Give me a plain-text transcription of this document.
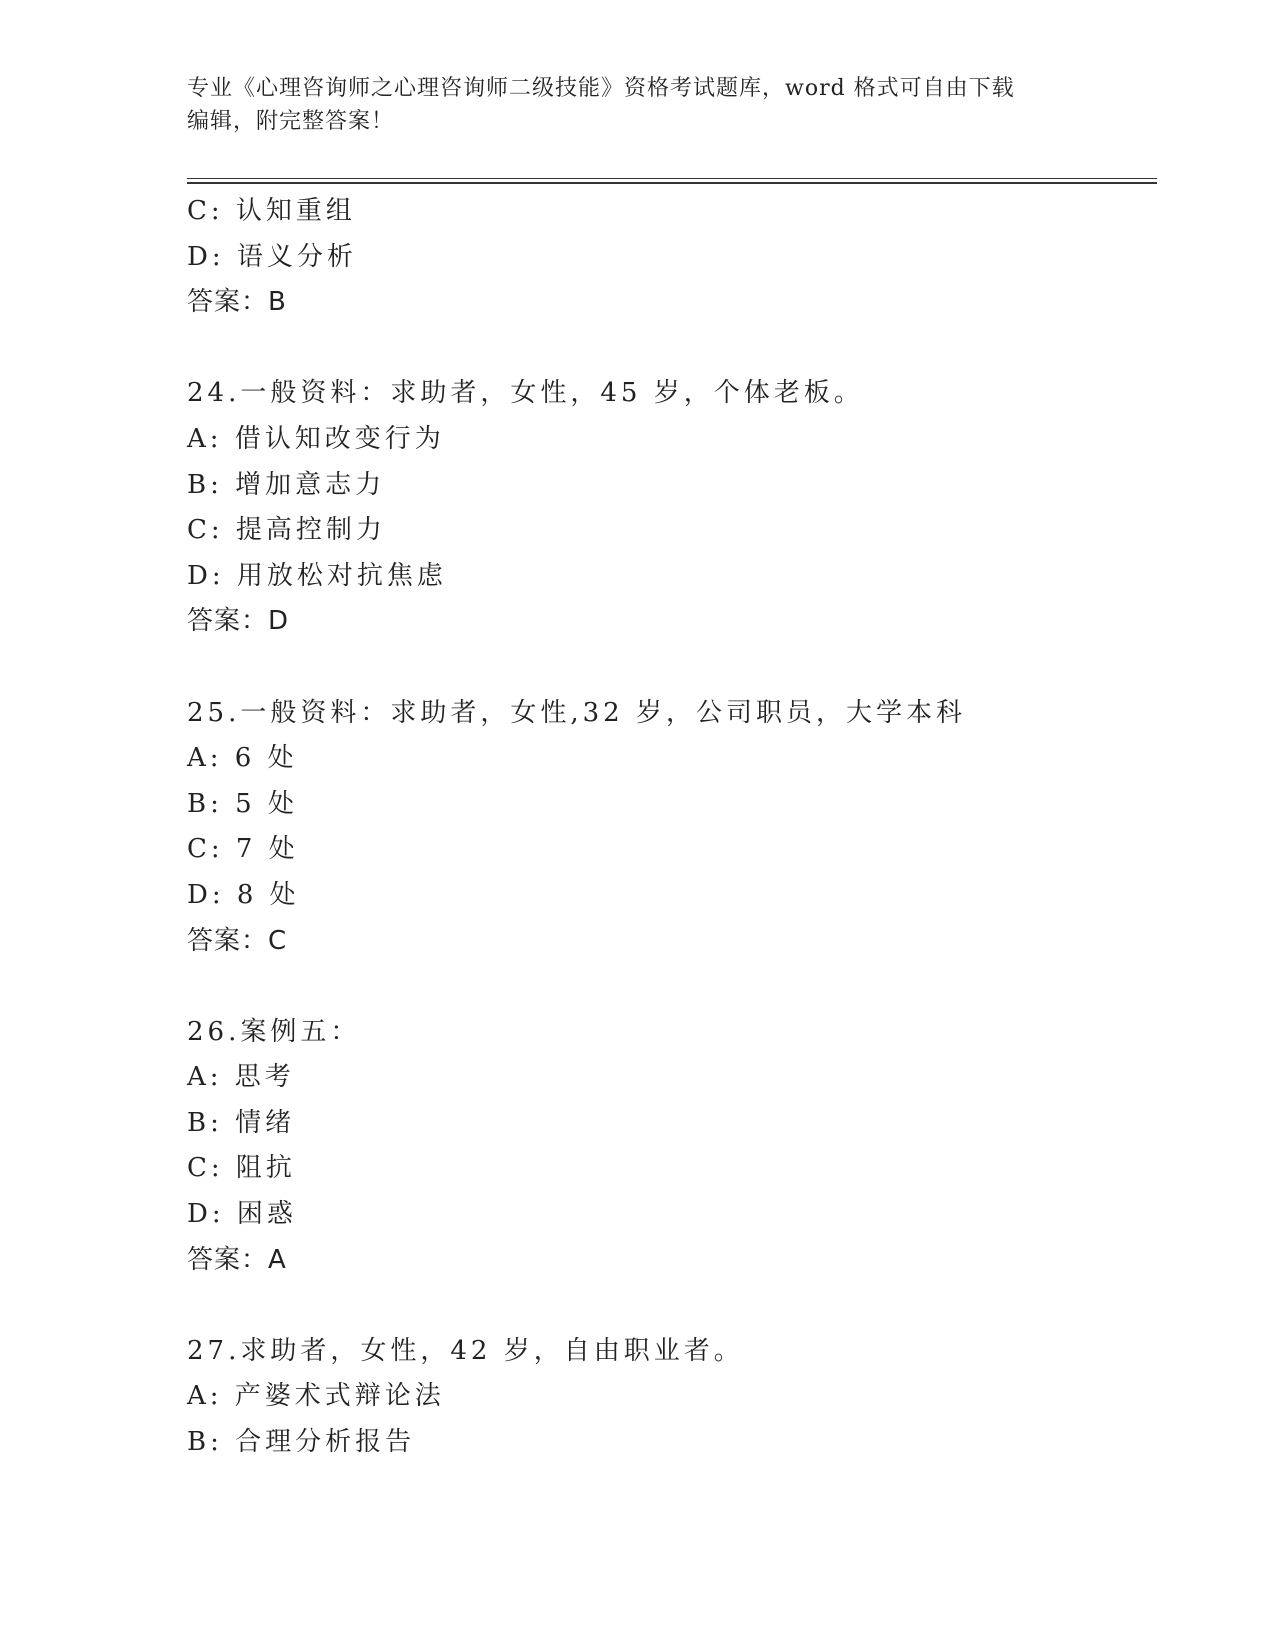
专业《心理咨询师之心理咨询师二级技能》资格考试题库，word 格式可自由下载
编辑，附完整答案！
C: 认知重组
D: 语义分析
答案：B
24.一般资料：求助者，女性，45 岁，个体老板。
A: 借认知改变行为
B: 增加意志力
C: 提高控制力
D: 用放松对抗焦虑
答案：D
25.一般资料：求助者，女性,32 岁，公司职员，大学本科
A: 6 处
B: 5 处
C: 7 处
D: 8 处
答案：C
26.案例五：
A: 思考
B: 情绪
C: 阻抗
D: 困惑
答案：A
27.求助者，女性，42 岁，自由职业者。
A: 产婆术式辩论法
B: 合理分析报告
